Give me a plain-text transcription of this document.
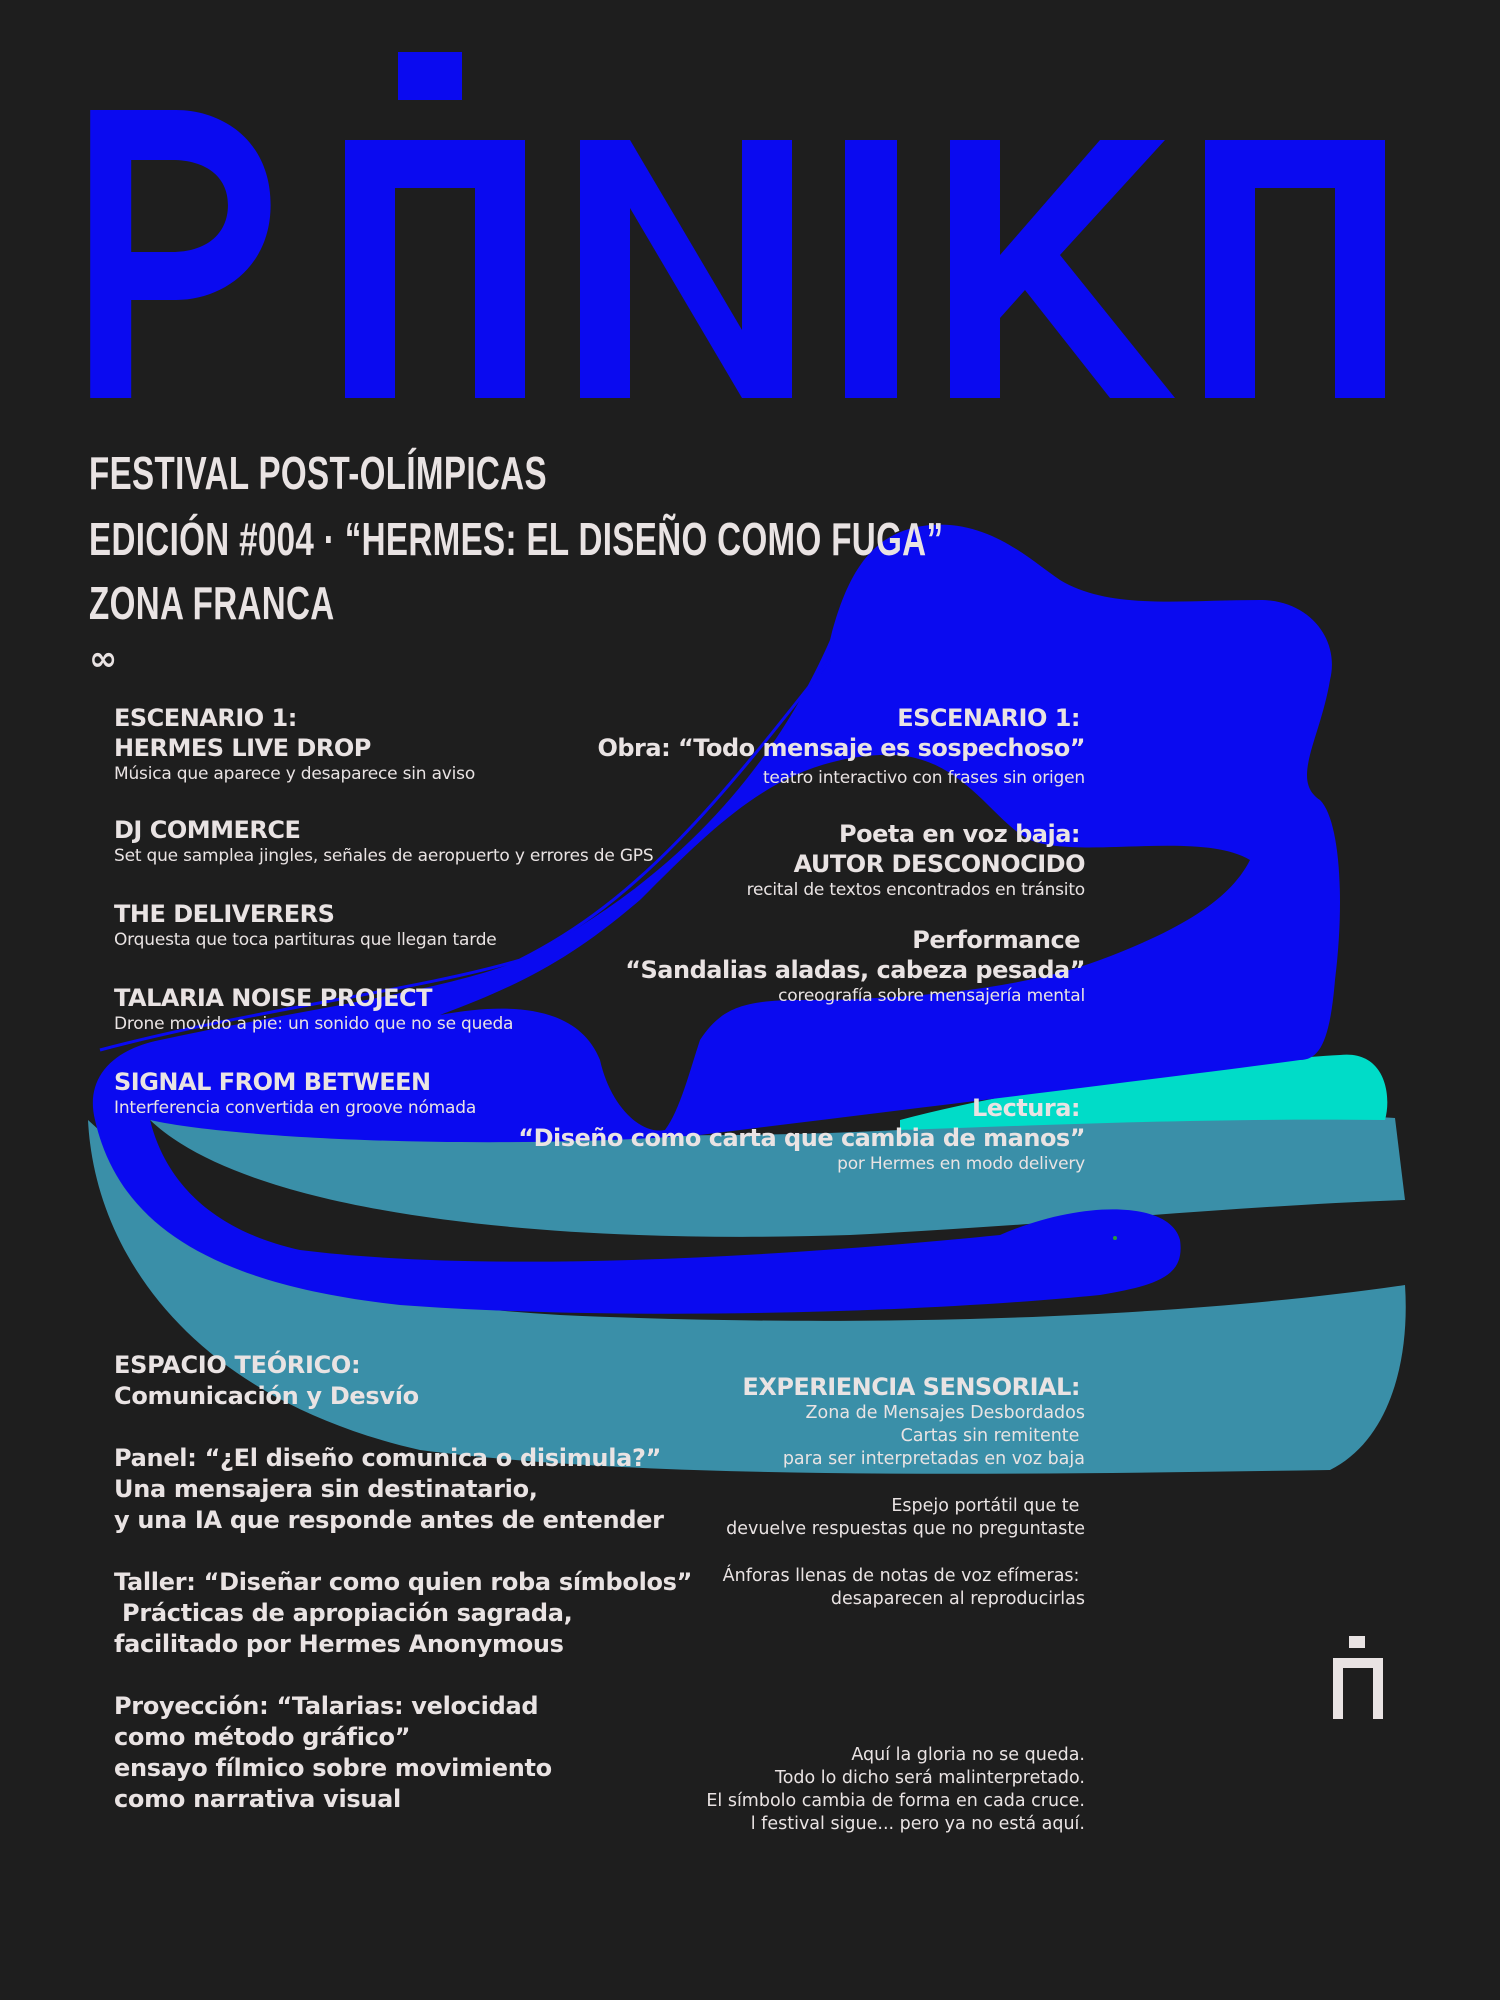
FESTIVAL POST-OLÍMPICAS
EDICIÓN #004 · “HERMES: EL DISEÑO COMO FUGA”
ZONA FRANCA
∞
ESCENARIO 1:
HERMES LIVE DROP
Música que aparece y desaparece sin aviso
DJ COMMERCE
Set que samplea jingles, señales de aeropuerto y errores de GPS
THE DELIVERERS
Orquesta que toca partituras que llegan tarde
TALARIA NOISE PROJECT
Drone movido a pie: un sonido que no se queda
SIGNAL FROM BETWEEN
Interferencia convertida en groove nómada
ESCENARIO 1:
Obra: “Todo mensaje es sospechoso”
teatro interactivo con frases sin origen
Poeta en voz baja:
AUTOR DESCONOCIDO
recital de textos encontrados en tránsito
Performance
“Sandalias aladas, cabeza pesada”
coreografía sobre mensajería mental
Lectura:
“Diseño como carta que cambia de manos”
por Hermes en modo delivery
ESPACIO TEÓRICO:
Comunicación y Desvío
Panel: “¿El diseño comunica o disimula?”
Una mensajera sin destinatario,
y una IA que responde antes de entender
Taller: “Diseñar como quien roba símbolos”
Prácticas de apropiación sagrada,
facilitado por Hermes Anonymous
Proyección: “Talarias: velocidad
como método gráfico”
ensayo fílmico sobre movimiento
como narrativa visual
EXPERIENCIA SENSORIAL:
Zona de Mensajes Desbordados
Cartas sin remitente
para ser interpretadas en voz baja
Espejo portátil que te
devuelve respuestas que no preguntaste
Ánforas llenas de notas de voz efímeras:
desaparecen al reproducirlas
Aquí la gloria no se queda.
Todo lo dicho será malinterpretado.
El símbolo cambia de forma en cada cruce.
l festival sigue... pero ya no está aquí.
